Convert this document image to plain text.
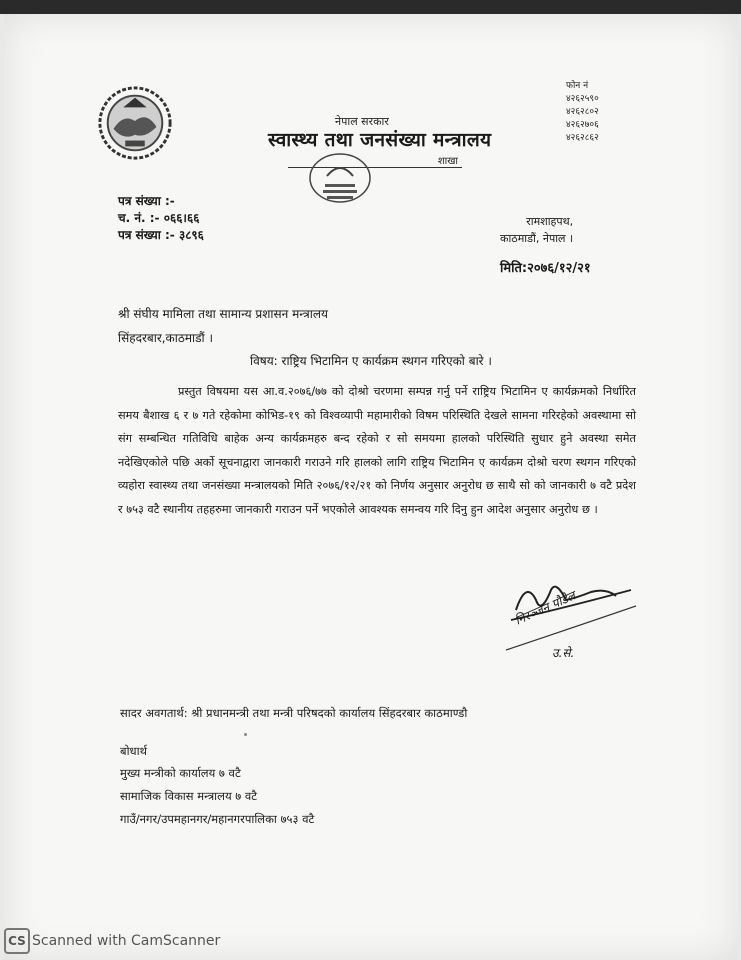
नेपाल सरकार
स्वास्थ्य तथा जनसंख्या मन्त्रालय
शाखा
फोन नं
४२६२५९०
४२६२८०२
४२६२७०६
४२६२८६२
पत्र संख्या :-
च. नं. :- ०६६।६६
पत्र संख्या :- ३८९६
रामशाहपथ,
काठमाडौं, नेपाल ।
मिति:२०७६/१२/२१
श्री संघीय मामिला तथा सामान्य प्रशासन मन्त्रालय
सिंहदरबार,काठमाडौं ।
विषय: राष्ट्रिय भिटामिन ए कार्यक्रम स्थगन गरिएको बारे ।
प्रस्तुत विषयमा यस आ.व.२०७६/७७ को दोश्रो चरणमा सम्पन्न गर्नु पर्ने राष्ट्रिय भिटामिन ए कार्यक्रमको निर्धारित समय बैशाख ६ र ७ गते रहेकोमा कोभिड-१९ को विश्वव्यापी महामारीको विषम परिस्थिति देखले सामना गरिरहेको अवस्थामा सो संग सम्बन्धित गतिविधि बाहेक अन्य कार्यक्रमहरु बन्द रहेको र सो समयमा हालको परिस्थिति सुधार हुने अवस्था समेत नदेखिएकोले पछि अर्को सूचनाद्वारा जानकारी गराउने गरि हालको लागि राष्ट्रिय भिटामिन ए कार्यक्रम दोश्रो चरण स्थगन गरिएको व्यहोरा स्वास्थ्य तथा जनसंख्या मन्त्रालयको मिति २०७६/१२/२१ को निर्णय अनुसार अनुरोध छ साथै सो को जानकारी ७ वटै प्रदेश र ७५३ वटै स्थानीय तहहरुमा जानकारी गराउन पर्ने भएकोले आवश्यक समन्वय गरि दिनु हुन आदेश अनुसार अनुरोध छ ।
निरञ्जन पौडेल
उ.से.
सादर अवगतार्थ: श्री प्रधानमन्त्री तथा मन्त्री परिषदको कार्यालय सिंहदरबार काठमाण्डौ
बोधार्थ
मुख्य मन्त्रीको कार्यालय ७ वटै
सामाजिक विकास मन्त्रालय ७ वटै
गाउँ/नगर/उपमहानगर/महानगरपालिका ७५३ वटै
CS Scanned with CamScanner
